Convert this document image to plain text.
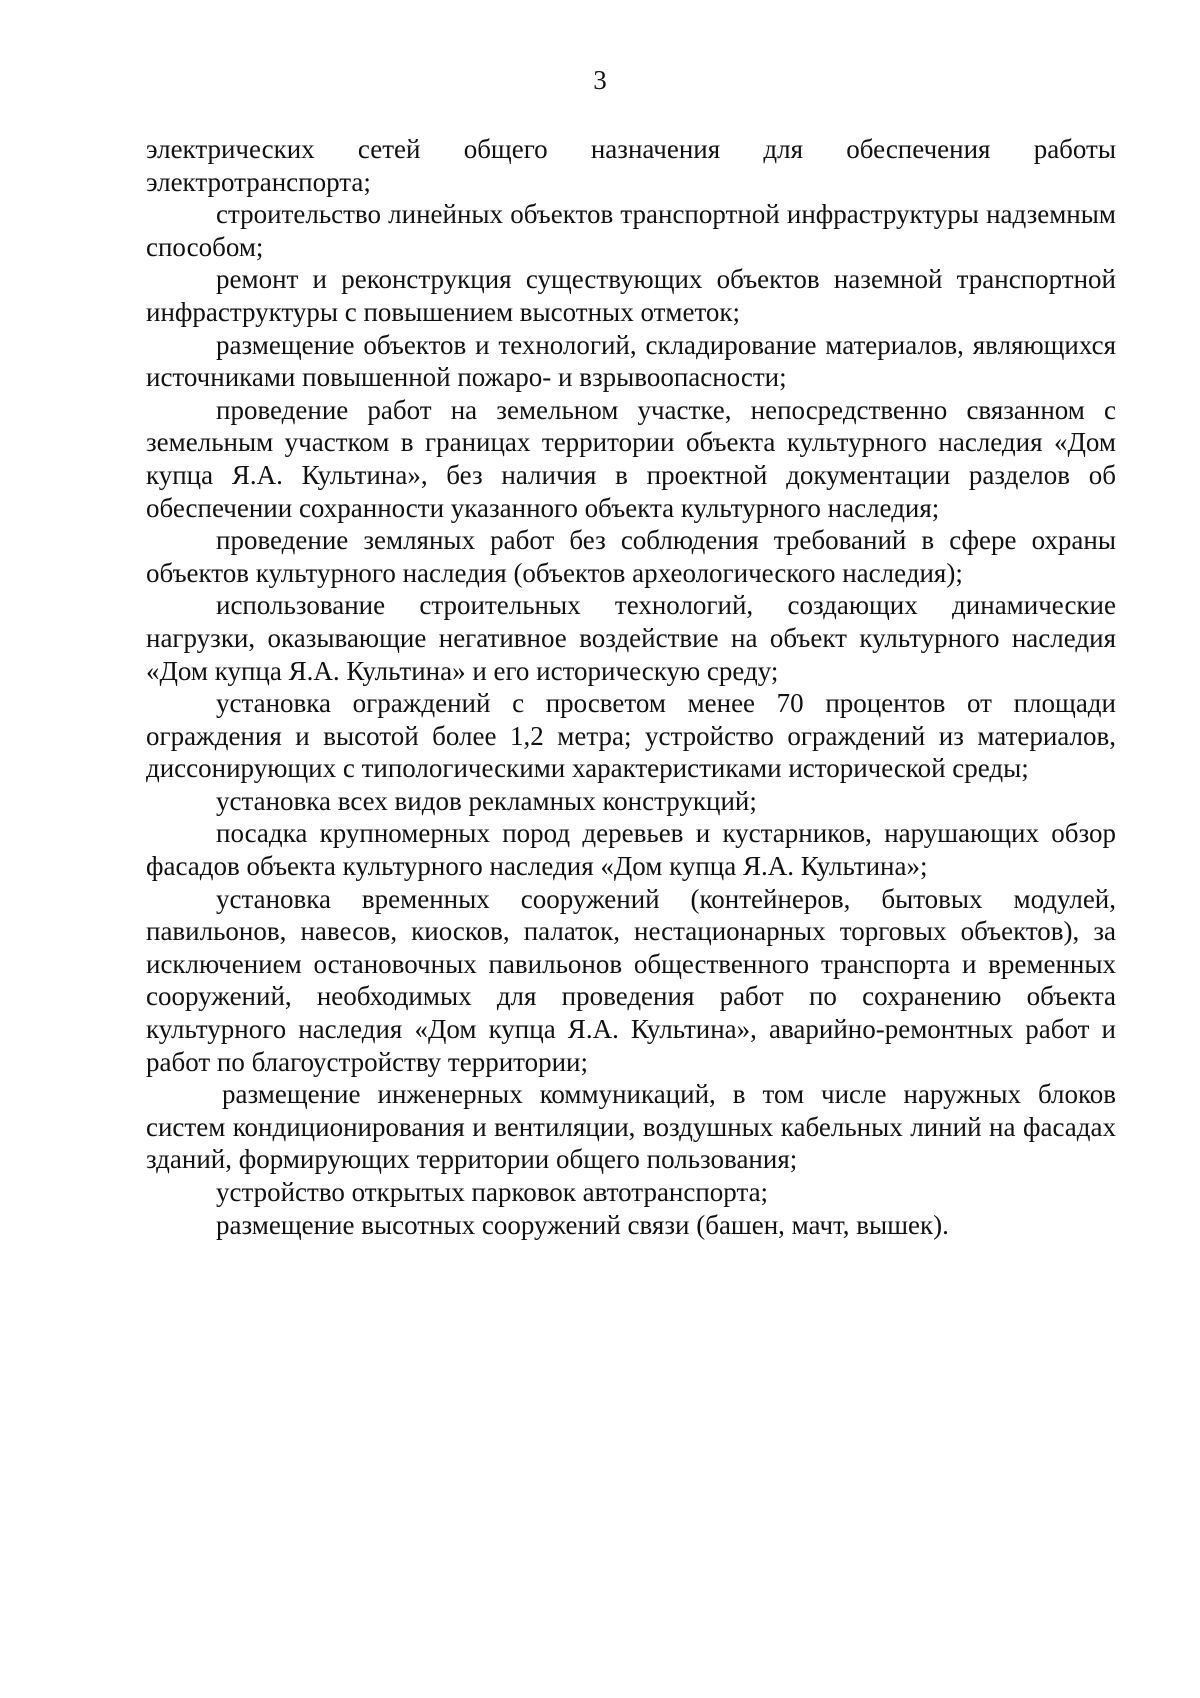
3

электрических сетей общего назначения для обеспечения работы электротранспорта;

строительство линейных объектов транспортной инфраструктуры надземным способом;

ремонт и реконструкция существующих объектов наземной транспортной инфраструктуры с повышением высотных отметок;

размещение объектов и технологий, складирование материалов, являющихся источниками повышенной пожаро- и взрывоопасности;

проведение работ на земельном участке, непосредственно связанном с земельным участком в границах территории объекта культурного наследия «Дом купца Я.А. Культина», без наличия в проектной документации разделов об обеспечении сохранности указанного объекта культурного наследия;

проведение земляных работ без соблюдения требований в сфере охраны объектов культурного наследия (объектов археологического наследия);

использование строительных технологий, создающих динамические нагрузки, оказывающие негативное воздействие на объект культурного наследия «Дом купца Я.А. Культина» и его историческую среду;

установка ограждений с просветом менее 70 процентов от площади ограждения и высотой более 1,2 метра; устройство ограждений из материалов, диссонирующих с типологическими характеристиками исторической среды;

установка всех видов рекламных конструкций;

посадка крупномерных пород деревьев и кустарников, нарушающих обзор фасадов объекта культурного наследия «Дом купца Я.А. Культина»;

установка временных сооружений (контейнеров, бытовых модулей, павильонов, навесов, киосков, палаток, нестационарных торговых объектов), за исключением остановочных павильонов общественного транспорта и временных сооружений, необходимых для проведения работ по сохранению объекта культурного наследия «Дом купца Я.А. Культина», аварийно-ремонтных работ и работ по благоустройству территории;

размещение инженерных коммуникаций, в том числе наружных блоков систем кондиционирования и вентиляции, воздушных кабельных линий на фасадах зданий, формирующих территории общего пользования;

устройство открытых парковок автотранспорта;

размещение высотных сооружений связи (башен, мачт, вышек).
